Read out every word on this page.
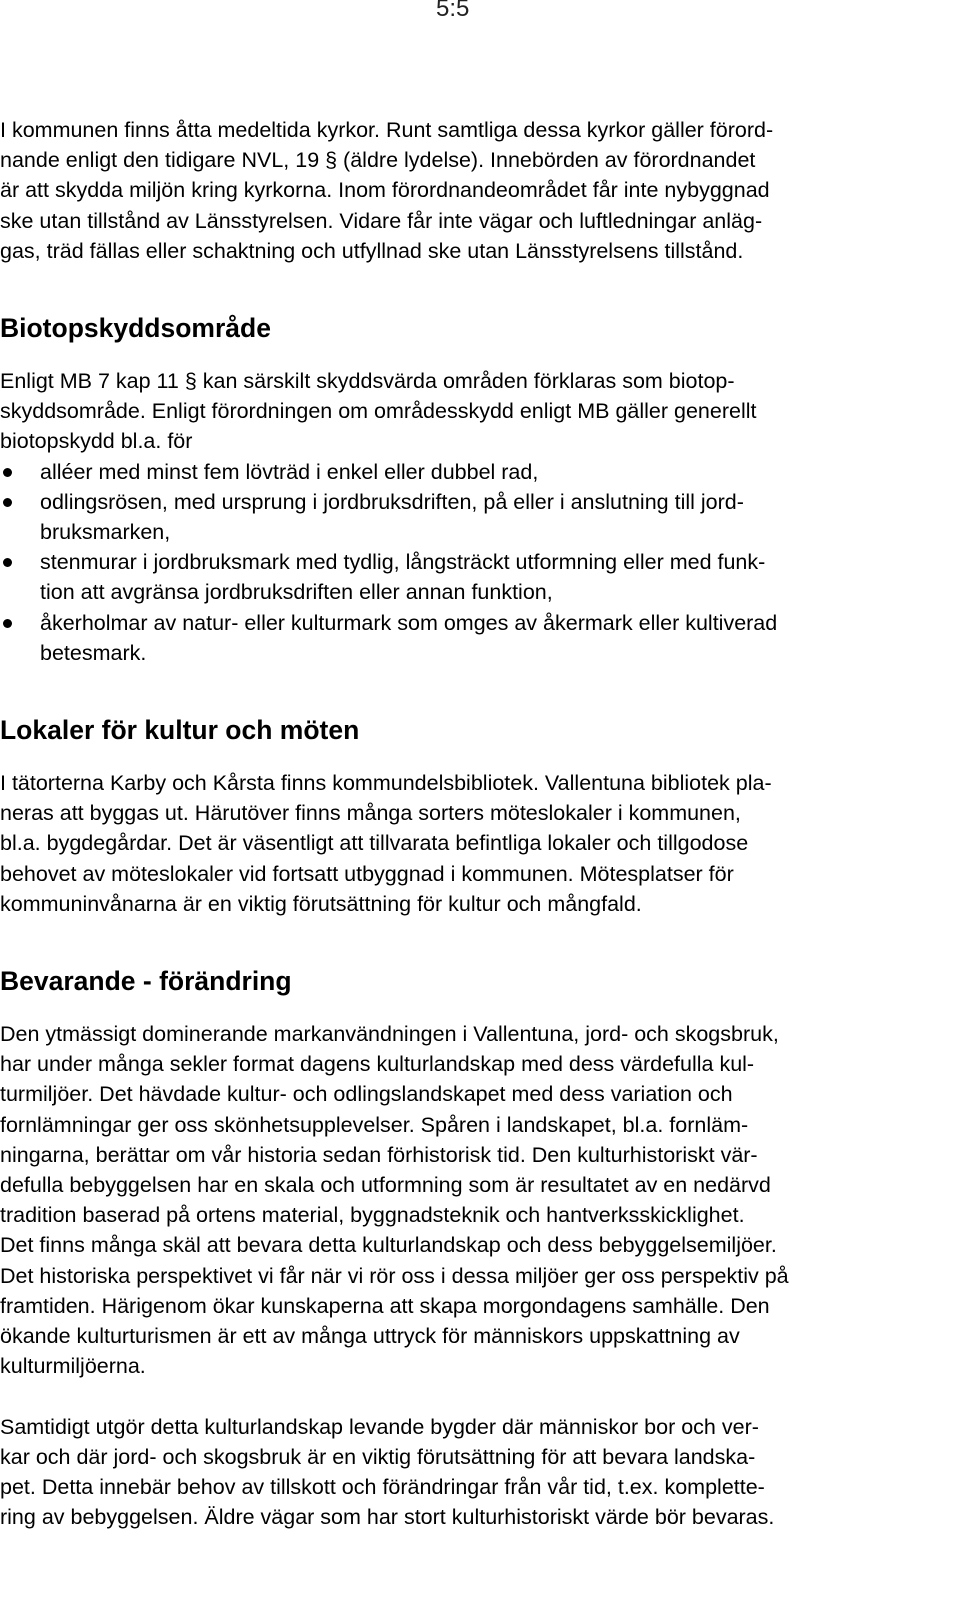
5:5

I kommunen finns åtta medeltida kyrkor. Runt samtliga dessa kyrkor gäller förord-
nande enligt den tidigare NVL, 19 § (äldre lydelse). Innebörden av förordnandet
är att skydda miljön kring kyrkorna. Inom förordnandeområdet får inte nybyggnad
ske utan tillstånd av Länsstyrelsen. Vidare får inte vägar och luftledningar anläg-
gas, träd fällas eller schaktning och utfyllnad ske utan Länsstyrelsens tillstånd.

Biotopskyddsområde

Enligt MB 7 kap 11 § kan särskilt skyddsvärda områden förklaras som biotop-
skyddsområde. Enligt förordningen om områdesskydd enligt MB gäller generellt
biotopskydd bl.a. för

alléer med minst fem lövträd i enkel eller dubbel rad,
odlingsrösen, med ursprung i jordbruksdriften, på eller i anslutning till jord-
bruksmarken,
stenmurar i jordbruksmark med tydlig, långsträckt utformning eller med funk-
tion att avgränsa jordbruksdriften eller annan funktion,
åkerholmar av natur- eller kulturmark som omges av åkermark eller kultiverad
betesmark.
Lokaler för kultur och möten

I tätorterna Karby och Kårsta finns kommundelsbibliotek. Vallentuna bibliotek pla-
neras att byggas ut. Härutöver finns många sorters möteslokaler i kommunen,
bl.a. bygdegårdar. Det är väsentligt att tillvarata befintliga lokaler och tillgodose
behovet av möteslokaler vid fortsatt utbyggnad i kommunen. Mötesplatser för
kommuninvånarna är en viktig förutsättning för kultur och mångfald.

Bevarande - förändring

Den ytmässigt dominerande markanvändningen i Vallentuna, jord- och skogsbruk,
har under många sekler format dagens kulturlandskap med dess värdefulla kul-
turmiljöer. Det hävdade kultur- och odlingslandskapet med dess variation och
fornlämningar ger oss skönhetsupplevelser. Spåren i landskapet, bl.a. fornläm-
ningarna, berättar om vår historia sedan förhistorisk tid. Den kulturhistoriskt vär-
defulla bebyggelsen har en skala och utformning som är resultatet av en nedärvd
tradition baserad på ortens material, byggnadsteknik och hantverksskicklighet.
Det finns många skäl att bevara detta kulturlandskap och dess bebyggelsemiljöer.
Det historiska perspektivet vi får när vi rör oss i dessa miljöer ger oss perspektiv på
framtiden. Härigenom ökar kunskaperna att skapa morgondagens samhälle. Den
ökande kulturturismen är ett av många uttryck för människors uppskattning av
kulturmiljöerna.

Samtidigt utgör detta kulturlandskap levande bygder där människor bor och ver-
kar och där jord- och skogsbruk är en viktig förutsättning för att bevara landska-
pet. Detta innebär behov av tillskott och förändringar från vår tid, t.ex. komplette-
ring av bebyggelsen. Äldre vägar som har stort kulturhistoriskt värde bör bevaras.
